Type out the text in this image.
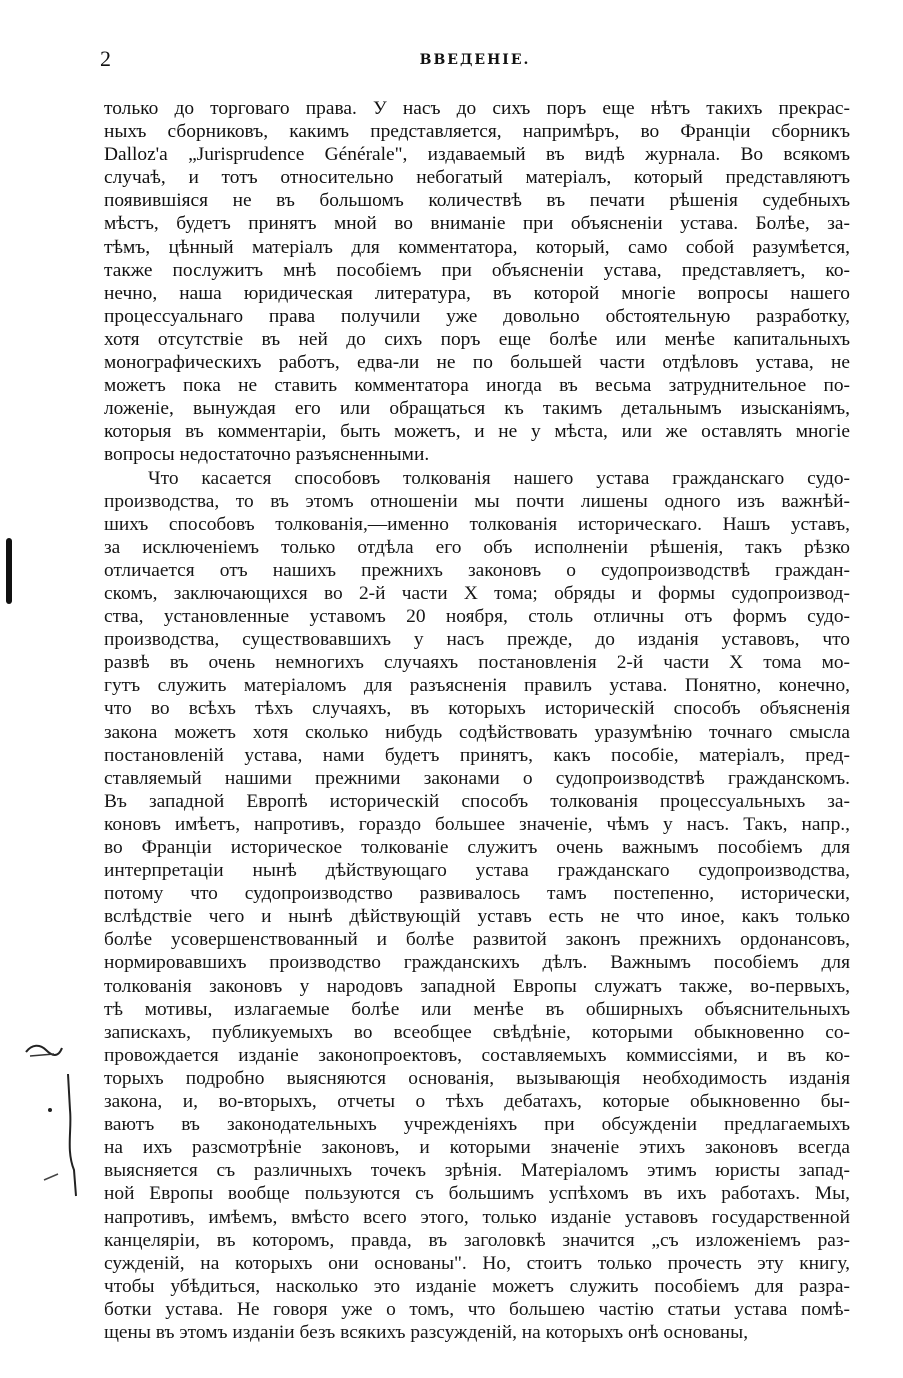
2	ВВЕДЕНІЕ.
только до торговаго права. У насъ до сихъ поръ еще нѣтъ такихъ прекрас-
ныхъ сборниковъ, какимъ представляется, напримѣръ, во Франціи сборникъ
Dalloz'a „Jurisprudence Générale", издаваемый въ видѣ журнала. Во всякомъ
случаѣ, и тотъ относительно небогатый матеріалъ, который представляютъ
появившіяся не въ большомъ количествѣ въ печати рѣшенія судебныхъ
мѣстъ, будетъ принятъ мной во вниманіе при объясненіи устава. Болѣе, за-
тѣмъ, цѣнный матеріалъ для комментатора, который, само собой разумѣется,
также послужитъ мнѣ пособіемъ при объясненіи устава, представляетъ, ко-
нечно, наша юридическая литература, въ которой многіе вопросы нашего
процессуальнаго права получили уже довольно обстоятельную разработку,
хотя отсутствіе въ ней до сихъ поръ еще болѣе или менѣе капитальныхъ
монографическихъ работъ, едва-ли не по большей части отдѣловъ устава, не
можетъ пока не ставить комментатора иногда въ весьма затруднительное по-
ложеніе, вынуждая его или обращаться къ такимъ детальнымъ изысканіямъ,
которыя въ комментаріи, быть можетъ, и не у мѣста, или же оставлять многіе
вопросы недостаточно разъясненными.
Что касается способовъ толкованія нашего устава гражданскаго судо-
производства, то въ этомъ отношеніи мы почти лишены одного изъ важнѣй-
шихъ способовъ толкованія,—именно толкованія историческаго. Нашъ уставъ,
за исключеніемъ только отдѣла его объ исполненіи рѣшенія, такъ рѣзко
отличается отъ нашихъ прежнихъ законовъ о судопроизводствѣ граждан-
скомъ, заключающихся во 2-й части X тома; обряды и формы судопроизвод-
ства, установленные уставомъ 20 ноября, столь отличны отъ формъ судо-
производства, существовавшихъ у насъ прежде, до изданія уставовъ, что
развѣ въ очень немногихъ случаяхъ постановленія 2-й части X тома мо-
гутъ служить матеріаломъ для разъясненія правилъ устава. Понятно, конечно,
что во всѣхъ тѣхъ случаяхъ, въ которыхъ историческій способъ объясненія
закона можетъ хотя сколько нибудь содѣйствовать уразумѣнію точнаго смысла
постановленій устава, нами будетъ принятъ, какъ пособіе, матеріалъ, пред-
ставляемый нашими прежними законами о судопроизводствѣ гражданскомъ.
Въ западной Европѣ историческій способъ толкованія процессуальныхъ за-
коновъ имѣетъ, напротивъ, гораздо большее значеніе, чѣмъ у насъ. Такъ, напр.,
во Франціи историческое толкованіе служитъ очень важнымъ пособіемъ для
интерпретаціи нынѣ дѣйствующаго устава гражданскаго судопроизводства,
потому что судопроизводство развивалось тамъ постепенно, исторически,
вслѣдствіе чего и нынѣ дѣйствующій уставъ есть не что иное, какъ только
болѣе усовершенствованный и болѣе развитой законъ прежнихъ ордонансовъ,
нормировавшихъ производство гражданскихъ дѣлъ. Важнымъ пособіемъ для
толкованія законовъ у народовъ западной Европы служатъ также, во-первыхъ,
тѣ мотивы, излагаемые болѣе или менѣе въ обширныхъ объяснительныхъ
запискахъ, публикуемыхъ во всеобщее свѣдѣніе, которыми обыкновенно со-
провождается изданіе законопроектовъ, составляемыхъ коммиссіями, и въ ко-
торыхъ подробно выясняются основанія, вызывающія необходимость изданія
закона, и, во-вторыхъ, отчеты о тѣхъ дебатахъ, которые обыкновенно бы-
ваютъ въ законодательныхъ учрежденіяхъ при обсужденіи предлагаемыхъ
на ихъ разсмотрѣніе законовъ, и которыми значеніе этихъ законовъ всегда
выясняется съ различныхъ точекъ зрѣнія. Матеріаломъ этимъ юристы запад-
ной Европы вообще пользуются съ большимъ успѣхомъ въ ихъ работахъ. Мы,
напротивъ, имѣемъ, вмѣсто всего этого, только изданіе уставовъ государственной
канцеляріи, въ которомъ, правда, въ заголовкѣ значится „съ изложеніемъ раз-
сужденій, на которыхъ они основаны". Но, стоитъ только прочесть эту книгу,
чтобы убѣдиться, насколько это изданіе можетъ служить пособіемъ для разра-
ботки устава. Не говоря уже о томъ, что большею частію статьи устава помѣ-
щены въ этомъ изданіи безъ всякихъ разсужденій, на которыхъ онѣ основаны,
